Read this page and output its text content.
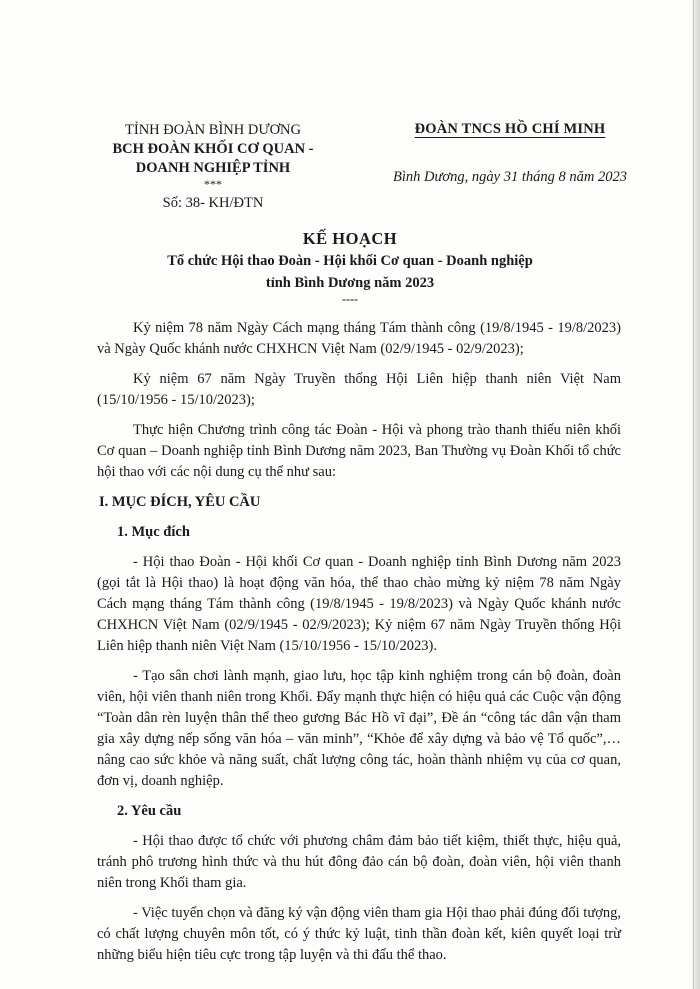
TỈNH ĐOÀN BÌNH DƯƠNG
BCH ĐOÀN KHỐI CƠ QUAN -
DOANH NGHIỆP TỈNH
***
Số: 38- KH/ĐTN
ĐOÀN TNCS HỒ CHÍ MINH
Bình Dương, ngày 31 tháng 8 năm 2023
KẾ HOẠCH
Tổ chức Hội thao Đoàn - Hội khối Cơ quan - Doanh nghiệp
tỉnh Bình Dương năm 2023
----

Kỷ niệm 78 năm Ngày Cách mạng tháng Tám thành công (19/8/1945 - 19/8/2023) và Ngày Quốc khánh nước CHXHCN Việt Nam (02/9/1945 - 02/9/2023);

Kỷ niệm 67 năm Ngày Truyền thống Hội Liên hiệp thanh niên Việt Nam (15/10/1956 - 15/10/2023);

Thực hiện Chương trình công tác Đoàn - Hội và phong trào thanh thiếu niên khối Cơ quan – Doanh nghiệp tỉnh Bình Dương năm 2023, Ban Thường vụ Đoàn Khối tổ chức hội thao với các nội dung cụ thể như sau:

I. MỤC ĐÍCH, YÊU CẦU

1. Mục đích

- Hội thao Đoàn - Hội khối Cơ quan - Doanh nghiệp tỉnh Bình Dương năm 2023 (gọi tắt là Hội thao) là hoạt động văn hóa, thể thao chào mừng kỷ niệm 78 năm Ngày Cách mạng tháng Tám thành công (19/8/1945 - 19/8/2023) và Ngày Quốc khánh nước CHXHCN Việt Nam (02/9/1945 - 02/9/2023); Kỷ niệm 67 năm Ngày Truyền thống Hội Liên hiệp thanh niên Việt Nam (15/10/1956 - 15/10/2023).

- Tạo sân chơi lành mạnh, giao lưu, học tập kinh nghiệm trong cán bộ đoàn, đoàn viên, hội viên thanh niên trong Khối. Đẩy mạnh thực hiện có hiệu quả các Cuộc vận động “Toàn dân rèn luyện thân thể theo gương Bác Hồ vĩ đại”, Đề án “công tác dân vận tham gia xây dựng nếp sống văn hóa – văn minh”, “Khỏe để xây dựng và bảo vệ Tổ quốc”,… nâng cao sức khỏe và năng suất, chất lượng công tác, hoàn thành nhiệm vụ của cơ quan, đơn vị, doanh nghiệp.

2. Yêu cầu

- Hội thao được tổ chức với phương châm đảm bảo tiết kiệm, thiết thực, hiệu quả, tránh phô trương hình thức và thu hút đông đảo cán bộ đoàn, đoàn viên, hội viên thanh niên trong Khối tham gia.

- Việc tuyển chọn và đăng ký vận động viên tham gia Hội thao phải đúng đối tượng, có chất lượng chuyên môn tốt, có ý thức kỷ luật, tinh thần đoàn kết, kiên quyết loại trừ những biểu hiện tiêu cực trong tập luyện và thi đấu thể thao.
